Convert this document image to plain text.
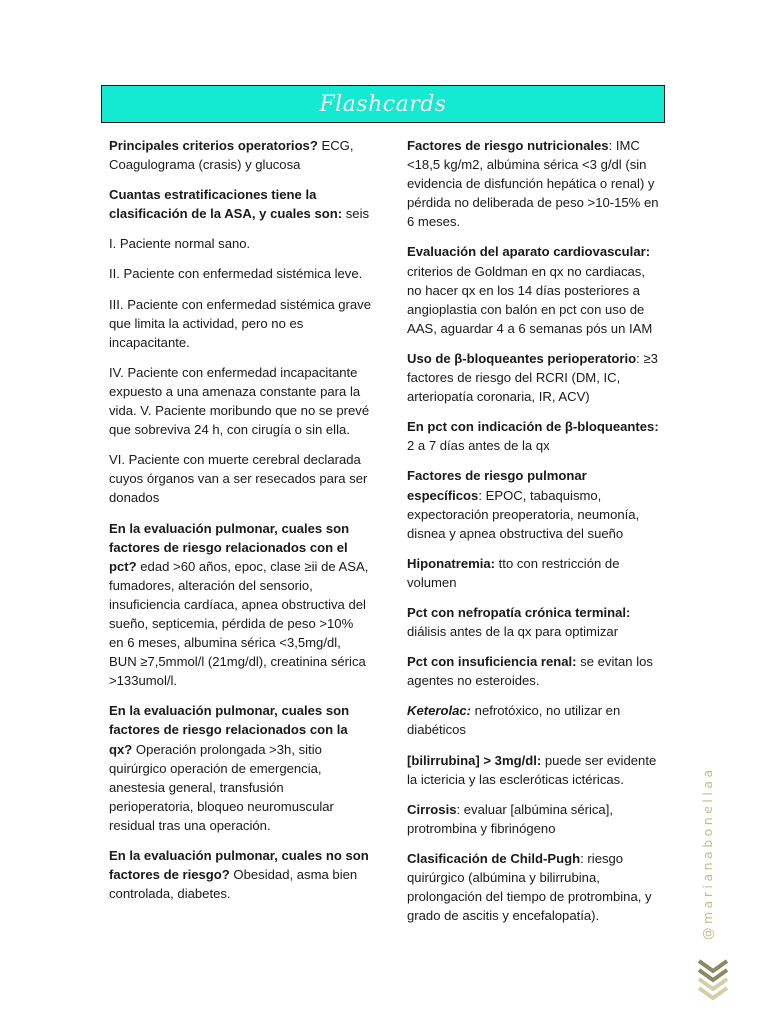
Flashcards

Principales criterios operatorios? ECG, Coagulograma (crasis) y glucosa

Cuantas estratificaciones tiene la clasificación de la ASA, y cuales son: seis

I. Paciente normal sano.

II. Paciente con enfermedad sistémica leve.

III. Paciente con enfermedad sistémica grave que limita la actividad, pero no es incapacitante.

IV. Paciente con enfermedad incapacitante expuesto a una amenaza constante para la vida. V. Paciente moribundo que no se prevé que sobreviva 24 h, con cirugía o sin ella.

VI. Paciente con muerte cerebral declarada cuyos órganos van a ser resecados para ser donados

En la evaluación pulmonar, cuales son factores de riesgo relacionados con el pct? edad >60 años, epoc, clase ≥ii de ASA, fumadores, alteración del sensorio, insuficiencia cardíaca, apnea obstructiva del sueño, septicemia, pérdida de peso >10% en 6 meses, albumina sérica <3,5mg/dl, BUN ≥7,5mmol/l (21mg/dl), creatinina sérica >133umol/l.

En la evaluación pulmonar, cuales son factores de riesgo relacionados con la qx? Operación prolongada >3h, sitio quirúrgico operación de emergencia, anestesia general, transfusión perioperatoria, bloqueo neuromuscular residual tras una operación.

En la evaluación pulmonar, cuales no son factores de riesgo? Obesidad, asma bien controlada, diabetes.

Factores de riesgo nutricionales: IMC <18,5 kg/m2, albúmina sérica <3 g/dl (sin evidencia de disfunción hepática o renal) y pérdida no deliberada de peso >10-15% en 6 meses.

Evaluación del aparato cardiovascular: criterios de Goldman en qx no cardiacas, no hacer qx en los 14 días posteriores a angioplastia con balón en pct con uso de AAS, aguardar 4 a 6 semanas pós un IAM

Uso de β-bloqueantes perioperatorio: ≥3 factores de riesgo del RCRI (DM, IC, arteriopatía coronaria, IR, ACV)

En pct con indicación de β-bloqueantes: 2 a 7 días antes de la qx

Factores de riesgo pulmonar específicos: EPOC, tabaquismo, expectoración preoperatoria, neumonía, disnea y apnea obstructiva del sueño

Hiponatremia: tto con restricción de volumen

Pct con nefropatía crónica terminal: diálisis antes de la qx para optimizar

Pct con insuficiencia renal: se evitan los agentes no esteroides.

Keterolac: nefrotóxico, no utilizar en diabéticos

[bilirrubina] > 3mg/dl: puede ser evidente la ictericia y las escleróticas ictéricas.

Cirrosis: evaluar [albúmina sérica], protrombina y fibrinógeno

Clasificación de Child-Pugh: riesgo quirúrgico (albúmina y bilirrubina, prolongación del tiempo de protrombina, y grado de ascitis y encefalopatía).	@marianabonellaa
